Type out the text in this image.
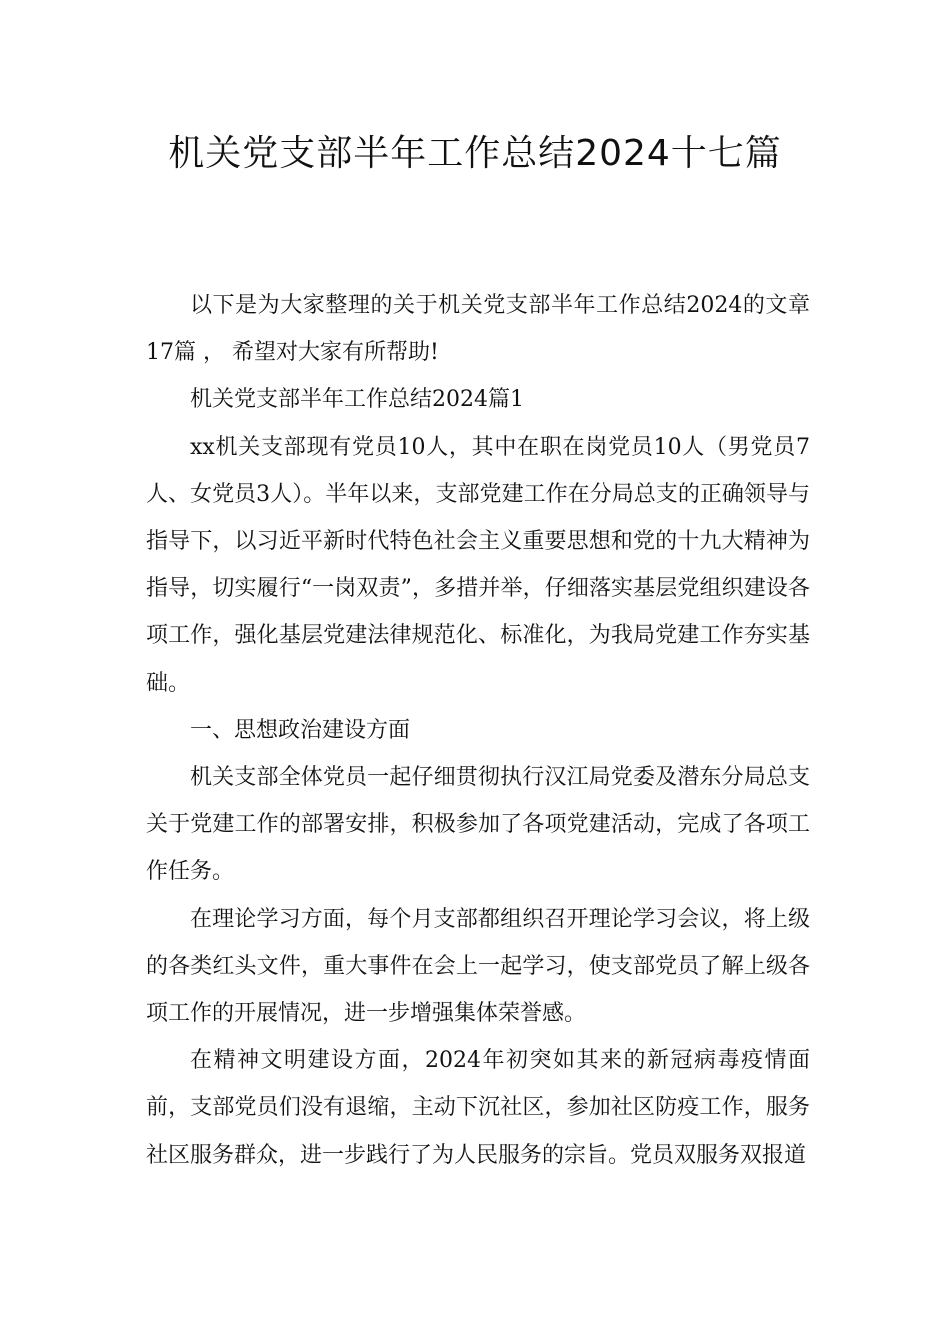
机关党支部半年工作总结2024十七篇

以下是为大家整理的关于机关党支部半年工作总结2024的文章17篇 ， 希望对大家有所帮助!

机关党支部半年工作总结2024篇1

xx机关支部现有党员10人，其中在职在岗党员10人（男党员7人、女党员3人）。半年以来，支部党建工作在分局总支的正确领导与指导下，以习近平新时代特色社会主义重要思想和党的十九大精神为指导，切实履行“一岗双责”，多措并举，仔细落实基层党组织建设各项工作，强化基层党建法律规范化、标准化，为我局党建工作夯实基础。

一、思想政治建设方面

机关支部全体党员一起仔细贯彻执行汉江局党委及潜东分局总支关于党建工作的部署安排，积极参加了各项党建活动，完成了各项工作任务。

在理论学习方面，每个月支部都组织召开理论学习会议，将上级的各类红头文件，重大事件在会上一起学习，使支部党员了解上级各项工作的开展情况，进一步增强集体荣誉感。

在精神文明建设方面，2024年初突如其来的新冠病毒疫情面前，支部党员们没有退缩，主动下沉社区，参加社区防疫工作，服务社区服务群众，进一步践行了为人民服务的宗旨。党员双服务双报道
